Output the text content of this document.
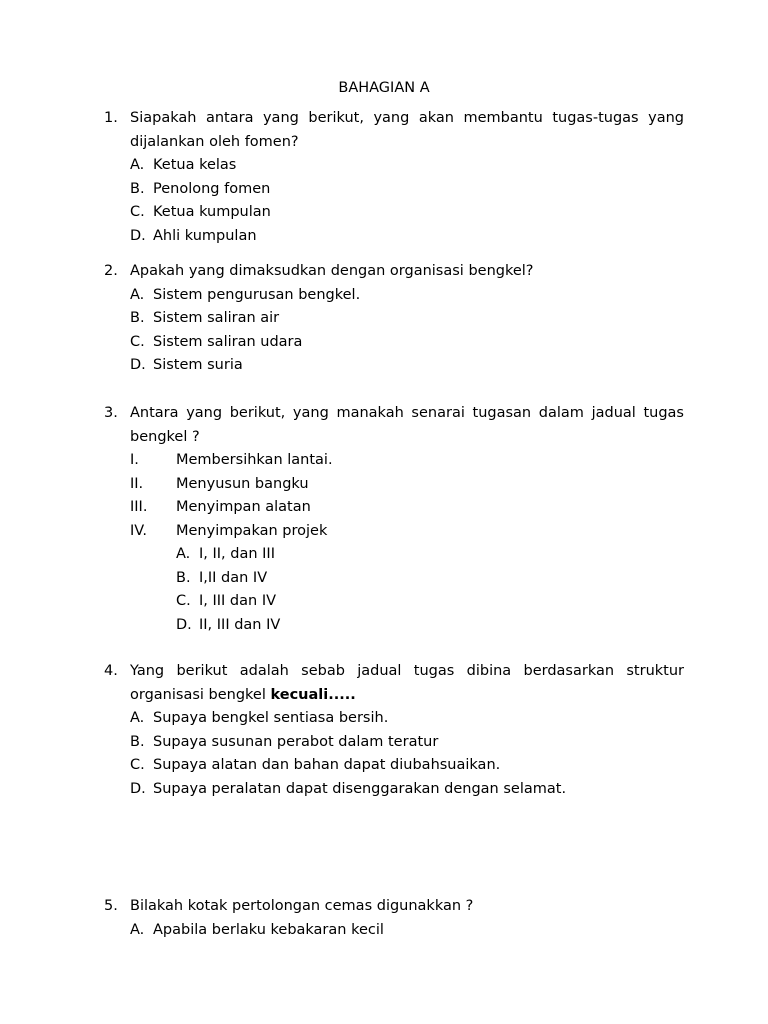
BAHAGIAN A
1. Siapakah antara yang berikut, yang akan membantu tugas-tugas yang dijalankan oleh fomen?
A. Ketua kelas
B. Penolong fomen
C. Ketua kumpulan
D. Ahli kumpulan
2. Apakah yang dimaksudkan dengan organisasi bengkel?
A. Sistem pengurusan bengkel.
B. Sistem saliran air
C. Sistem saliran udara
D. Sistem suria
3. Antara yang berikut, yang manakah senarai tugasan dalam jadual tugas bengkel ?
I.	Membersihkan lantai.
II. Menyusun bangku
III. Menyimpan alatan
IV. Menyimpakan projek
A. I, II, dan III
B. I,II dan IV
C. I, III dan IV
D. II, III dan IV
4. Yang berikut adalah sebab jadual tugas dibina berdasarkan struktur organisasi bengkel kecuali.....
A. Supaya bengkel sentiasa bersih.
B. Supaya susunan perabot dalam teratur
C. Supaya alatan dan bahan dapat diubahsuaikan.
D. Supaya peralatan dapat disenggarakan dengan selamat.
5. Bilakah kotak pertolongan cemas digunakkan ?
A. Apabila berlaku kebakaran kecil
